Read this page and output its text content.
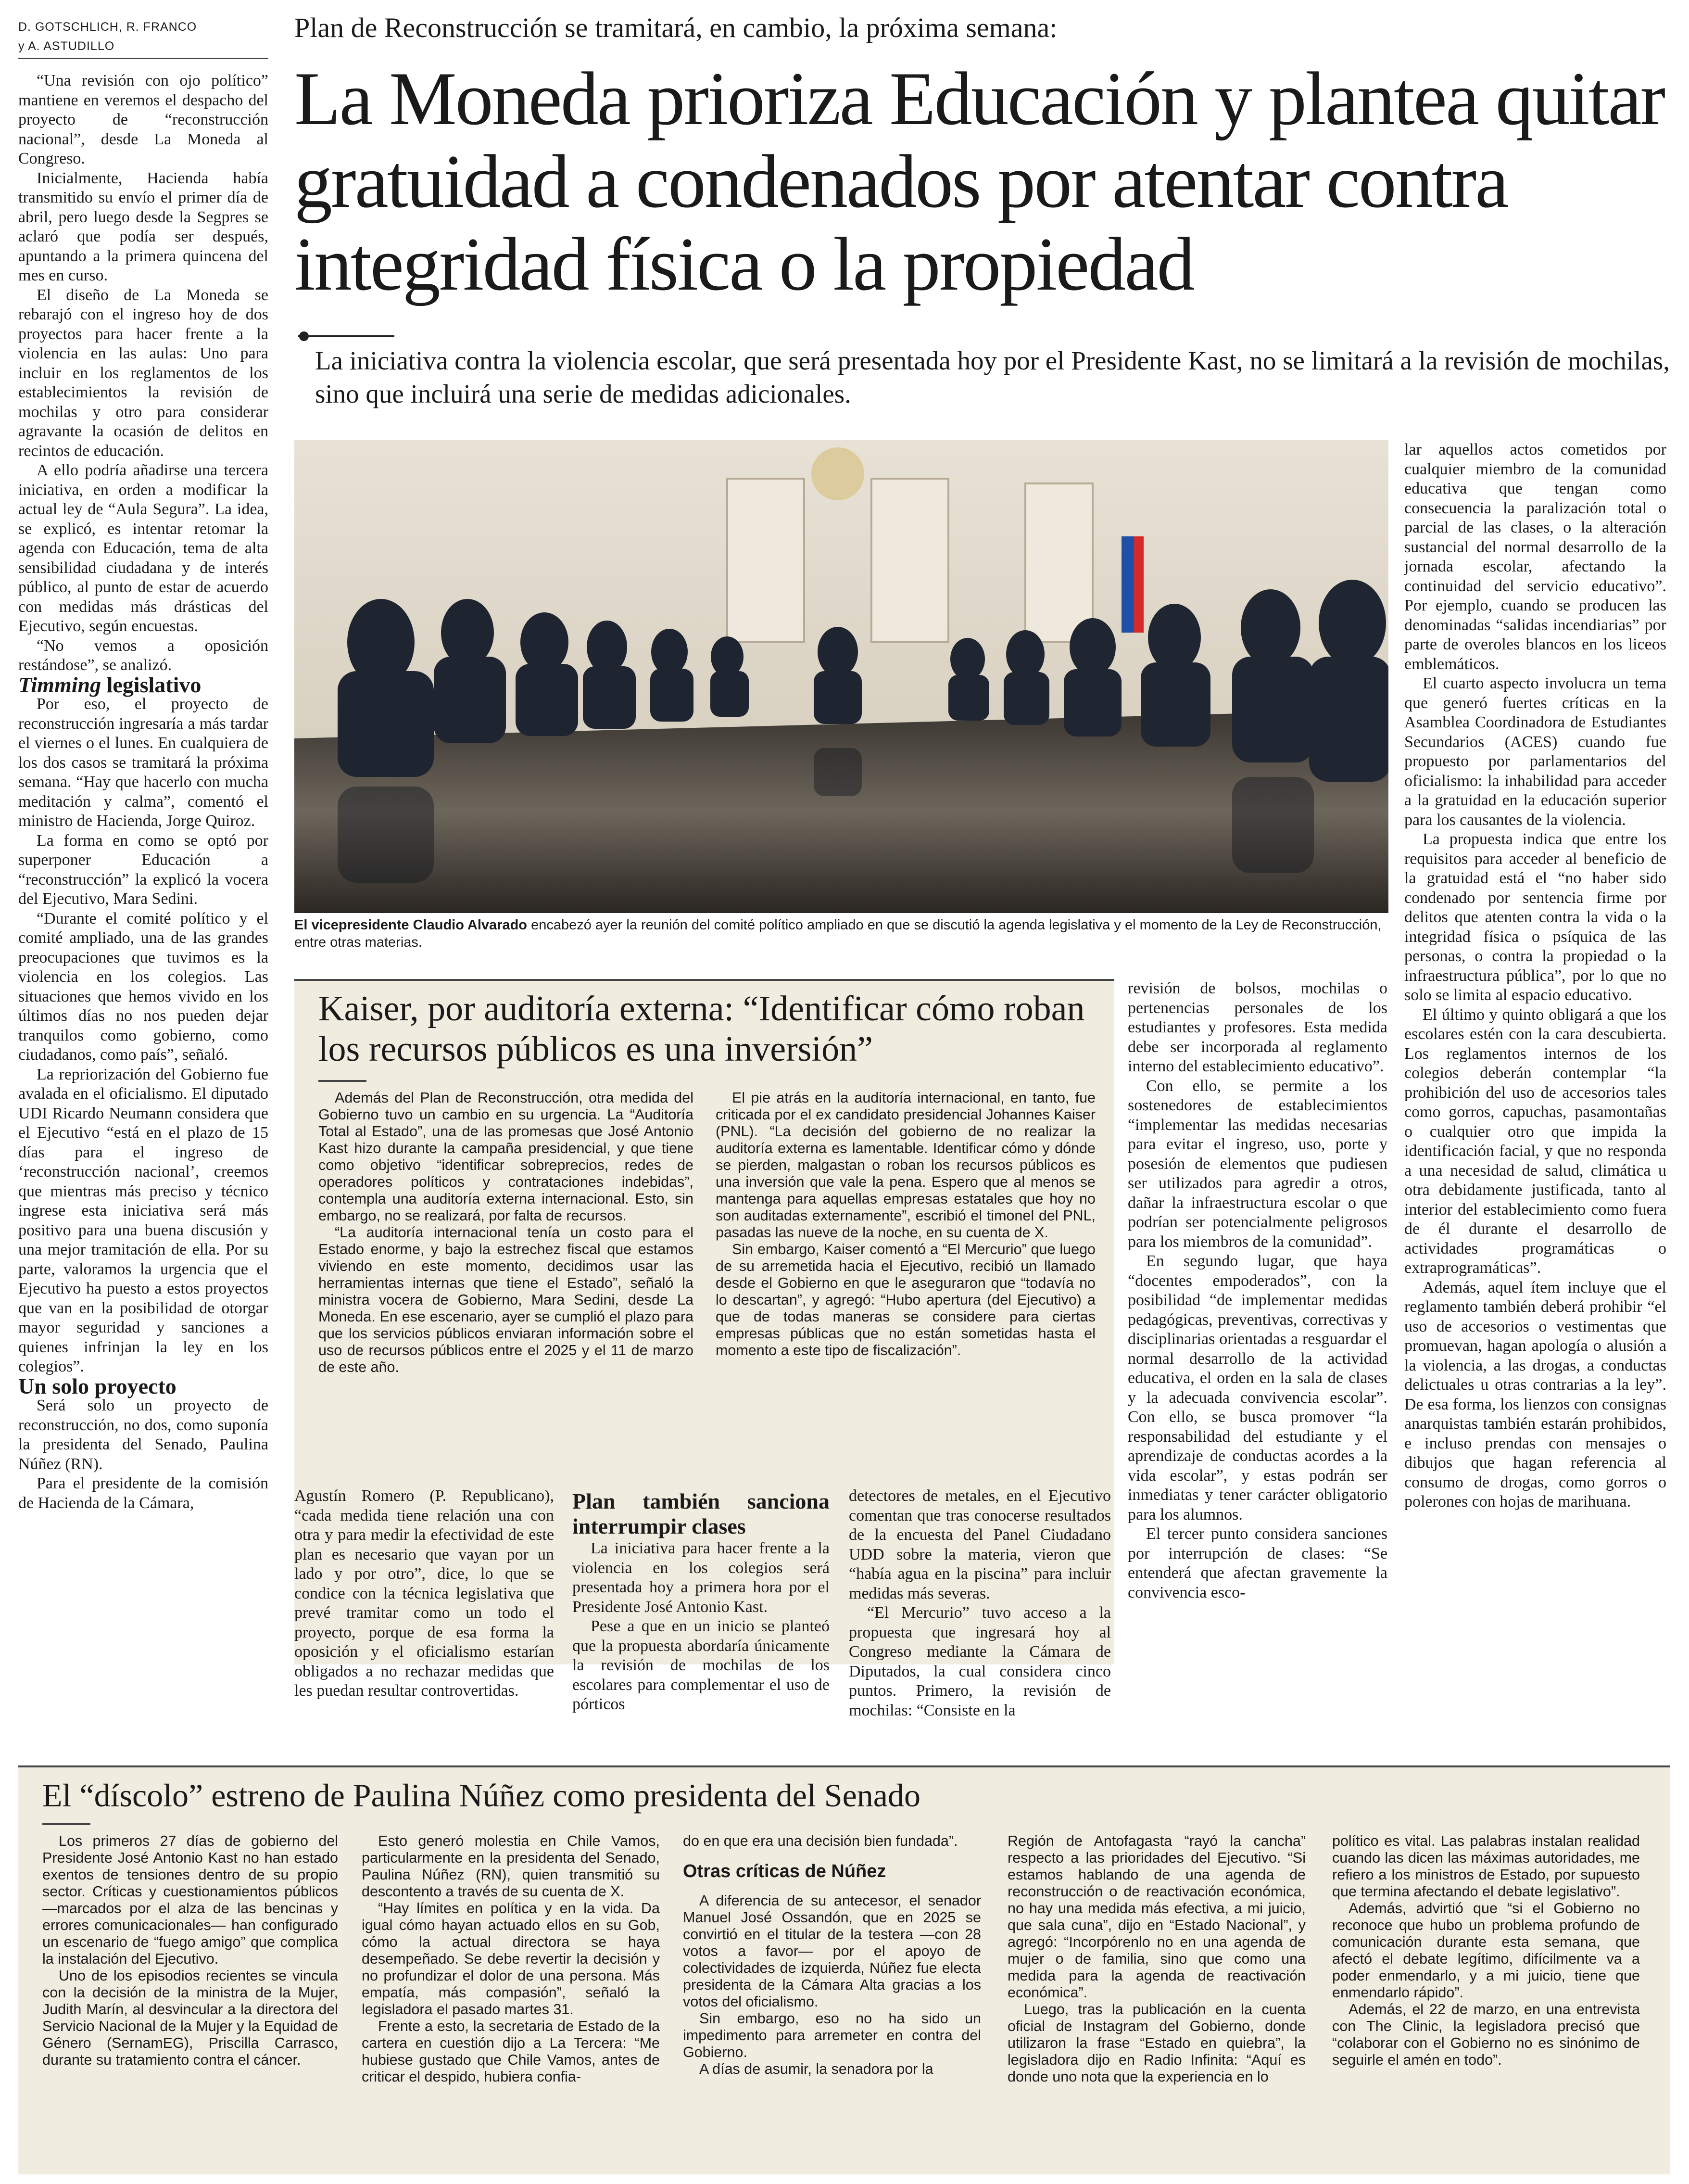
D. GOTSCHLICH, R. FRANCO
y A. ASTUDILLO
Plan de Reconstrucción se tramitará, en cambio, la próxima semana:
La Moneda prioriza Educación y plantea quitar gratuidad a condenados por atentar contra integridad física o la propiedad
La iniciativa contra la violencia escolar, que será presentada hoy por el Presidente Kast, no se limitará a la revisión de mochilas, sino que incluirá una serie de medidas adicionales.

“Una revisión con ojo político” mantiene en veremos el despacho del proyecto de “reconstrucción nacional”, desde La Moneda al Congreso.

Inicialmente, Hacienda había transmitido su envío el primer día de abril, pero luego desde la Segpres se aclaró que podía ser después, apuntando a la primera quincena del mes en curso.

El diseño de La Moneda se rebarajó con el ingreso hoy de dos proyectos para hacer frente a la violencia en las aulas: Uno para incluir en los reglamentos de los establecimientos la revisión de mochilas y otro para considerar agravante la ocasión de delitos en recintos de educación.

A ello podría añadirse una tercera iniciativa, en orden a modificar la actual ley de “Aula Segura”. La idea, se explicó, es intentar retomar la agenda con Educación, tema de alta sensibilidad ciudadana y de interés público, al punto de estar de acuerdo con medidas más drásticas del Ejecutivo, según encuestas.

“No vemos a oposición restándose”, se analizó.

Timming legislativo

Por eso, el proyecto de reconstrucción ingresaría a más tardar el viernes o el lunes. En cualquiera de los dos casos se tramitará la próxima semana. “Hay que hacerlo con mucha meditación y calma”, comentó el ministro de Hacienda, Jorge Quiroz.

La forma en como se optó por superponer Educación a “reconstrucción” la explicó la vocera del Ejecutivo, Mara Sedini.

“Durante el comité político y el comité ampliado, una de las grandes preocupaciones que tuvimos es la violencia en los colegios. Las situaciones que hemos vivido en los últimos días no nos pueden dejar tranquilos como gobierno, como ciudadanos, como país”, señaló.

La repriorización del Gobierno fue avalada en el oficialismo. El diputado UDI Ricardo Neumann considera que el Ejecutivo “está en el plazo de 15 días para el ingreso de ‘reconstrucción nacional’, creemos que mientras más preciso y técnico ingrese esta iniciativa será más positivo para una buena discusión y una mejor tramitación de ella. Por su parte, valoramos la urgencia que el Ejecutivo ha puesto a estos proyectos que van en la posibilidad de otorgar mayor seguridad y sanciones a quienes infrinjan la ley en los colegios”.

Un solo proyecto

Será solo un proyecto de reconstrucción, no dos, como suponía la presidenta del Senado, Paulina Núñez (RN).

Para el presidente de la comisión de Hacienda de la Cámara,

El vicepresidente Claudio Alvarado encabezó ayer la reunión del comité político ampliado en que se discutió la agenda legislativa y el momento de la Ley de Reconstrucción, entre otras materias.
Kaiser, por auditoría externa: “Identificar cómo roban los recursos públicos es una inversión”

Además del Plan de Reconstrucción, otra medida del Gobierno tuvo un cambio en su urgencia. La “Auditoría Total al Estado”, una de las promesas que José Antonio Kast hizo durante la campaña presidencial, y que tiene como objetivo “identificar sobreprecios, redes de operadores políticos y contrataciones indebidas”, contempla una auditoría externa internacional. Esto, sin embargo, no se realizará, por falta de recursos.

“La auditoría internacional tenía un costo para el Estado enorme, y bajo la estrechez fiscal que estamos viviendo en este momento, decidimos usar las herramientas internas que tiene el Estado”, señaló la ministra vocera de Gobierno, Mara Sedini, desde La Moneda. En ese escenario, ayer se cumplió el plazo para que los servicios públicos enviaran información sobre el uso de recursos públicos entre el 2025 y el 11 de marzo de este año.

El pie atrás en la auditoría internacional, en tanto, fue criticada por el ex candidato presidencial Johannes Kaiser (PNL). “La decisión del gobierno de no realizar la auditoría externa es lamentable. Identificar cómo y dónde se pierden, malgastan o roban los recursos públicos es una inversión que vale la pena. Espero que al menos se mantenga para aquellas empresas estatales que hoy no son auditadas externamente”, escribió el timonel del PNL, pasadas las nueve de la noche, en su cuenta de X.

Sin embargo, Kaiser comentó a “El Mercurio” que luego de su arremetida hacia el Ejecutivo, recibió un llamado desde el Gobierno en que le aseguraron que “todavía no lo descartan”, y agregó: “Hubo apertura (del Ejecutivo) a que de todas maneras se considere para ciertas empresas públicas que no están sometidas hasta el momento a este tipo de fiscalización”.

Agustín Romero (P. Republicano), “cada medida tiene relación una con otra y para medir la efectividad de este plan es necesario que vayan por un lado y por otro”, dice, lo que se condice con la técnica legislativa que prevé tramitar como un todo el proyecto, porque de esa forma la oposición y el oficialismo estarían obligados a no rechazar medidas que les puedan resultar controvertidas.

Plan también sanciona interrumpir clases

La iniciativa para hacer frente a la violencia en los colegios será presentada hoy a primera hora por el Presidente José Antonio Kast.

Pese a que en un inicio se planteó que la propuesta abordaría únicamente la revisión de mochilas de los escolares para complementar el uso de pórticos

detectores de metales, en el Ejecutivo comentan que tras conocerse resultados de la encuesta del Panel Ciudadano UDD sobre la materia, vieron que “había agua en la piscina” para incluir medidas más severas.

“El Mercurio” tuvo acceso a la propuesta que ingresará hoy al Congreso mediante la Cámara de Diputados, la cual considera cinco puntos. Primero, la revisión de mochilas: “Consiste en la

revisión de bolsos, mochilas o pertenencias personales de los estudiantes y profesores. Esta medida debe ser incorporada al reglamento interno del establecimiento educativo”.

Con ello, se permite a los sostenedores de establecimientos “implementar las medidas necesarias para evitar el ingreso, uso, porte y posesión de elementos que pudiesen ser utilizados para agredir a otros, dañar la infraestructura escolar o que podrían ser potencialmente peligrosos para los miembros de la comunidad”.

En segundo lugar, que haya “docentes empoderados”, con la posibilidad “de implementar medidas pedagógicas, preventivas, correctivas y disciplinarias orientadas a resguardar el normal desarrollo de la actividad educativa, el orden en la sala de clases y la adecuada convivencia escolar”. Con ello, se busca promover “la responsabilidad del estudiante y el aprendizaje de conductas acordes a la vida escolar”, y estas podrán ser inmediatas y tener carácter obligatorio para los alumnos.

El tercer punto considera sanciones por interrupción de clases: “Se entenderá que afectan gravemente la convivencia esco-

lar aquellos actos cometidos por cualquier miembro de la comunidad educativa que tengan como consecuencia la paralización total o parcial de las clases, o la alteración sustancial del normal desarrollo de la jornada escolar, afectando la continuidad del servicio educativo”. Por ejemplo, cuando se producen las denominadas “salidas incendiarias” por parte de overoles blancos en los liceos emblemáticos.

El cuarto aspecto involucra un tema que generó fuertes críticas en la Asamblea Coordinadora de Estudiantes Secundarios (ACES) cuando fue propuesto por parlamentarios del oficialismo: la inhabilidad para acceder a la gratuidad en la educación superior para los causantes de la violencia.

La propuesta indica que entre los requisitos para acceder al beneficio de la gratuidad está el “no haber sido condenado por sentencia firme por delitos que atenten contra la vida o la integridad física o psíquica de las personas, o contra la propiedad o la infraestructura pública”, por lo que no solo se limita al espacio educativo.

El último y quinto obligará a que los escolares estén con la cara descubierta. Los reglamentos internos de los colegios deberán contemplar “la prohibición del uso de accesorios tales como gorros, capuchas, pasamontañas o cualquier otro que impida la identificación facial, y que no responda a una necesidad de salud, climática u otra debidamente justificada, tanto al interior del establecimiento como fuera de él durante el desarrollo de actividades programáticas o extraprogramáticas”.

Además, aquel ítem incluye que el reglamento también deberá prohibir “el uso de accesorios o vestimentas que promuevan, hagan apología o alusión a la violencia, a las drogas, a conductas delictuales u otras contrarias a la ley”. De esa forma, los lienzos con consignas anarquistas también estarán prohibidos, e incluso prendas con mensajes o dibujos que hagan referencia al consumo de drogas, como gorros o polerones con hojas de marihuana.

El “díscolo” estreno de Paulina Núñez como presidenta del Senado

Los primeros 27 días de gobierno del Presidente José Antonio Kast no han estado exentos de tensiones dentro de su propio sector. Críticas y cuestionamientos públicos —marcados por el alza de las bencinas y errores comunicacionales— han configurado un escenario de “fuego amigo” que complica la instalación del Ejecutivo.

Uno de los episodios recientes se vincula con la decisión de la ministra de la Mujer, Judith Marín, al desvincular a la directora del Servicio Nacional de la Mujer y la Equidad de Género (SernamEG), Priscilla Carrasco, durante su tratamiento contra el cáncer.

Esto generó molestia en Chile Vamos, particularmente en la presidenta del Senado, Paulina Núñez (RN), quien transmitió su descontento a través de su cuenta de X.

“Hay límites en política y en la vida. Da igual cómo hayan actuado ellos en su Gob, cómo la actual directora se haya desempeñado. Se debe revertir la decisión y no profundizar el dolor de una persona. Más empatía, más compasión”, señaló la legisladora el pasado martes 31.

Frente a esto, la secretaria de Estado de la cartera en cuestión dijo a La Tercera: “Me hubiese gustado que Chile Vamos, antes de criticar el despido, hubiera confia-

do en que era una decisión bien fundada”.

Otras críticas de Núñez

A diferencia de su antecesor, el senador Manuel José Ossandón, que en 2025 se convirtió en el titular de la testera —con 28 votos a favor— por el apoyo de colectividades de izquierda, Núñez fue electa presidenta de la Cámara Alta gracias a los votos del oficialismo.

Sin embargo, eso no ha sido un impedimento para arremeter en contra del Gobierno.

A días de asumir, la senadora por la

Región de Antofagasta “rayó la cancha” respecto a las prioridades del Ejecutivo. “Si estamos hablando de una agenda de reconstrucción o de reactivación económica, no hay una medida más efectiva, a mi juicio, que sala cuna”, dijo en “Estado Nacional”, y agregó: “Incorpórenlo no en una agenda de mujer o de familia, sino que como una medida para la agenda de reactivación económica”.

Luego, tras la publicación en la cuenta oficial de Instagram del Gobierno, donde utilizaron la frase “Estado en quiebra”, la legisladora dijo en Radio Infinita: “Aquí es donde uno nota que la experiencia en lo

político es vital. Las palabras instalan realidad cuando las dicen las máximas autoridades, me refiero a los ministros de Estado, por supuesto que termina afectando el debate legislativo”.

Además, advirtió que “si el Gobierno no reconoce que hubo un problema profundo de comunicación durante esta semana, que afectó el debate legítimo, difícilmente va a poder enmendarlo, y a mi juicio, tiene que enmendarlo rápido”.

Además, el 22 de marzo, en una entrevista con The Clinic, la legisladora precisó que “colaborar con el Gobierno no es sinónimo de seguirle el amén en todo”.
